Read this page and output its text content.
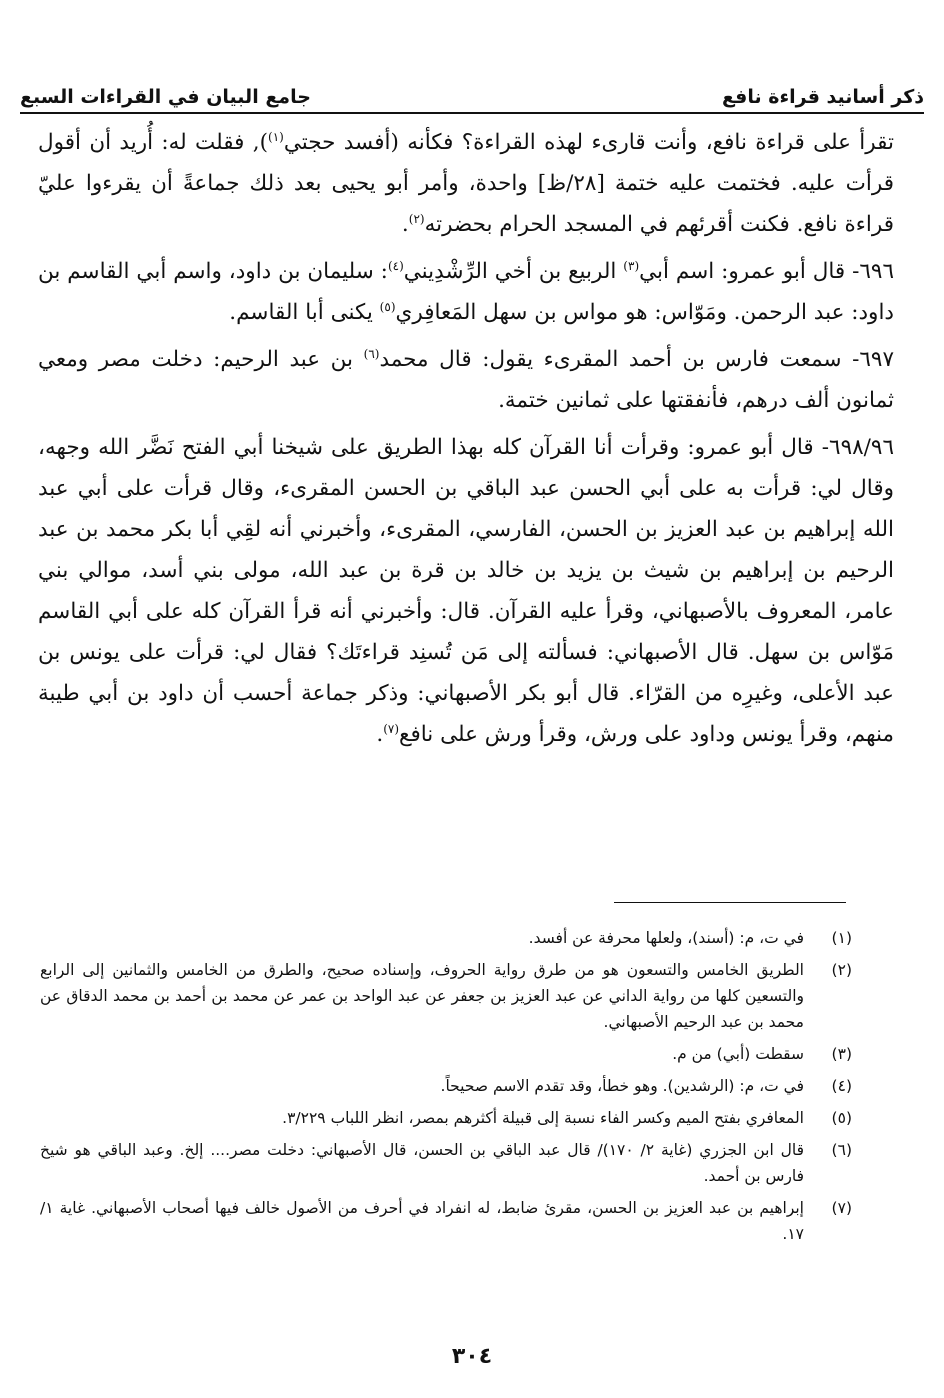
ذكر أسانيد قراءة نافع
جامع البيان في القراءات السبع

تقرأ على قراءة نافع، وأنت قارىء لهذه القراءة؟ فكأنه (أفسد حجتي$^{(١)}$), فقلت له: أُريد أن أقول قرأت عليه. فختمت عليه ختمة [٢٨/ظ] واحدة، وأمر أبو يحيى بعد ذلك جماعةً أن يقرءوا عليّ قراءة نافع. فكنت أقرئهم في المسجد الحرام بحضرته$^{(٢)}$.

٦٩٦- قال أبو عمرو: اسم أبي$^{(٣)}$ الربيع بن أخي الرِّشْدِيني$^{(٤)}$: سليمان بن داود، واسم أبي القاسم بن داود: عبد الرحمن. ومَوّاس: هو مواس بن سهل المَعافِري$^{(٥)}$ يكنى أبا القاسم.

٦٩٧- سمعت فارس بن أحمد المقرىء يقول: قال محمد$^{(٦)}$ بن عبد الرحيم: دخلت مصر ومعي ثمانون ألف درهم، فأنفقتها على ثمانين ختمة.

٦٩٨/٩٦- قال أبو عمرو: وقرأت أنا القرآن كله بهذا الطريق على شيخنا أبي الفتح نَضَّر الله وجهه، وقال لي: قرأت به على أبي الحسن عبد الباقي بن الحسن المقرىء، وقال قرأت على أبي عبد الله إبراهيم بن عبد العزيز بن الحسن، الفارسي، المقرىء، وأخبرني أنه لقِي أبا بكر محمد بن عبد الرحيم بن إبراهيم بن شيث بن يزيد بن خالد بن قرة بن عبد الله، مولى بني أسد، موالي بني عامر، المعروف بالأصبهاني، وقرأ عليه القرآن. قال: وأخبرني أنه قرأ القرآن كله على أبي القاسم مَوّاس بن سهل. قال الأصبهاني: فسألته إلى مَن تُسنِد قراءتَك؟ فقال لي: قرأت على يونس بن عبد الأعلى، وغيرِه من القرّاء. قال أبو بكر الأصبهاني: وذكر جماعة أحسب أن داود بن أبي طيبة منهم، وقرأ يونس وداود على ورش، وقرأ ورش على نافع$^{(٧)}$.

(١)
في ت، م: (أسند)، ولعلها محرفة عن أفسد.
(٢)
الطريق الخامس والتسعون هو من طرق رواية الحروف، وإسناده صحيح، والطرق من الخامس والثمانين إلى الرابع والتسعين كلها من رواية الداني عن عبد العزيز بن جعفر عن عبد الواحد بن عمر عن محمد بن أحمد بن محمد الدقاق عن محمد بن عبد الرحيم الأصبهاني.
(٣)
سقطت (أبي) من م.
(٤)
في ت، م: (الرشدين). وهو خطأ، وقد تقدم الاسم صحيحاً.
(٥)
المعافري بفتح الميم وكسر الفاء نسبة إلى قبيلة أكثرهم بمصر، انظر اللباب ٣/٢٢٩.
(٦)
قال ابن الجزري (غاية ٢/ ١٧٠)/ قال عبد الباقي بن الحسن، قال الأصبهاني: دخلت مصر.... إلخ. وعبد الباقي هو شيخ فارس بن أحمد.
(٧)
إبراهيم بن عبد العزيز بن الحسن، مقرئ ضابط، له انفراد في أحرف من الأصول خالف فيها أصحاب الأصبهاني. غاية ١/ ١٧.
٣٠٤
